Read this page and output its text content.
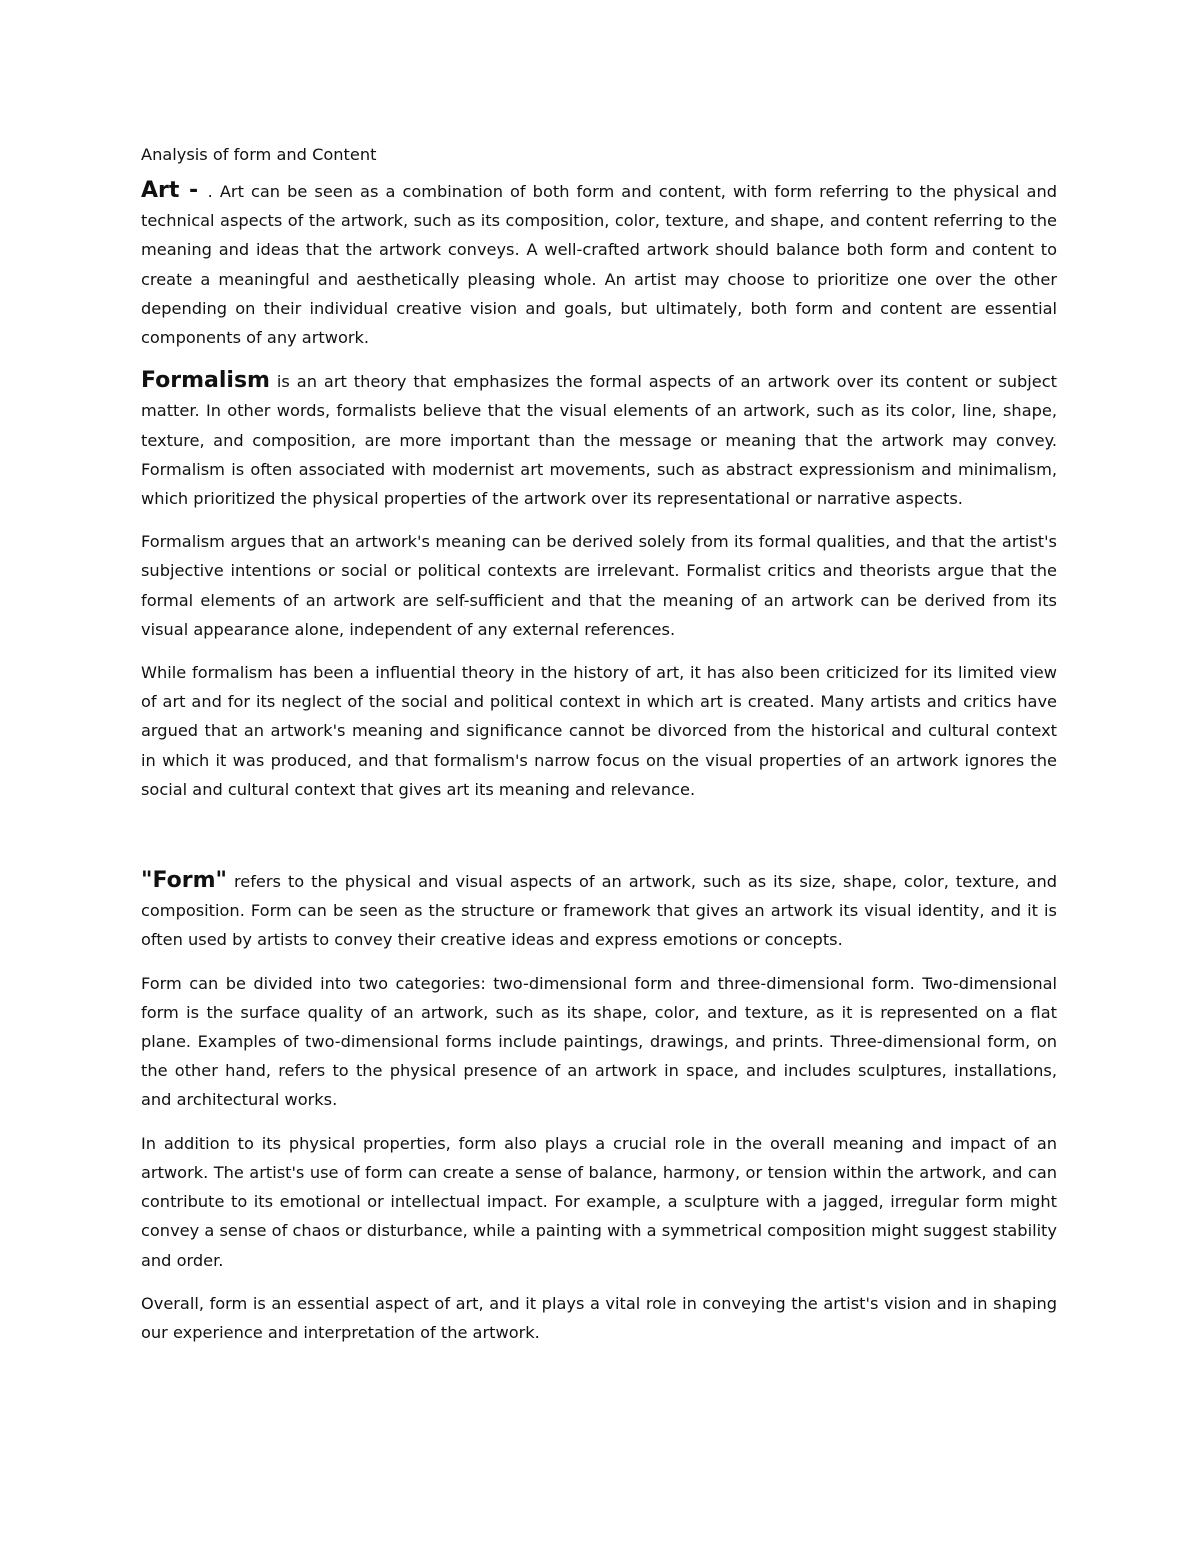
Analysis of form and Content

Art - . Art can be seen as a combination of both form and content, with form referring to the physical and technical aspects of the artwork, such as its composition, color, texture, and shape, and content referring to the meaning and ideas that the artwork conveys. A well-crafted artwork should balance both form and content to create a meaningful and aesthetically pleasing whole. An artist may choose to prioritize one over the other depending on their individual creative vision and goals, but ultimately, both form and content are essential components of any artwork.

Formalism is an art theory that emphasizes the formal aspects of an artwork over its content or subject matter. In other words, formalists believe that the visual elements of an artwork, such as its color, line, shape, texture, and composition, are more important than the message or meaning that the artwork may convey. Formalism is often associated with modernist art movements, such as abstract expressionism and minimalism, which prioritized the physical properties of the artwork over its representational or narrative aspects.

Formalism argues that an artwork's meaning can be derived solely from its formal qualities, and that the artist's subjective intentions or social or political contexts are irrelevant. Formalist critics and theorists argue that the formal elements of an artwork are self-sufficient and that the meaning of an artwork can be derived from its visual appearance alone, independent of any external references.

While formalism has been a influential theory in the history of art, it has also been criticized for its limited view of art and for its neglect of the social and political context in which art is created. Many artists and critics have argued that an artwork's meaning and significance cannot be divorced from the historical and cultural context in which it was produced, and that formalism's narrow focus on the visual properties of an artwork ignores the social and cultural context that gives art its meaning and relevance.

"Form" refers to the physical and visual aspects of an artwork, such as its size, shape, color, texture, and composition. Form can be seen as the structure or framework that gives an artwork its visual identity, and it is often used by artists to convey their creative ideas and express emotions or concepts.

Form can be divided into two categories: two-dimensional form and three-dimensional form. Two-dimensional form is the surface quality of an artwork, such as its shape, color, and texture, as it is represented on a flat plane. Examples of two-dimensional forms include paintings, drawings, and prints. Three-dimensional form, on the other hand, refers to the physical presence of an artwork in space, and includes sculptures, installations, and architectural works.

In addition to its physical properties, form also plays a crucial role in the overall meaning and impact of an artwork. The artist's use of form can create a sense of balance, harmony, or tension within the artwork, and can contribute to its emotional or intellectual impact. For example, a sculpture with a jagged, irregular form might convey a sense of chaos or disturbance, while a painting with a symmetrical composition might suggest stability and order.

Overall, form is an essential aspect of art, and it plays a vital role in conveying the artist's vision and in shaping our experience and interpretation of the artwork.
